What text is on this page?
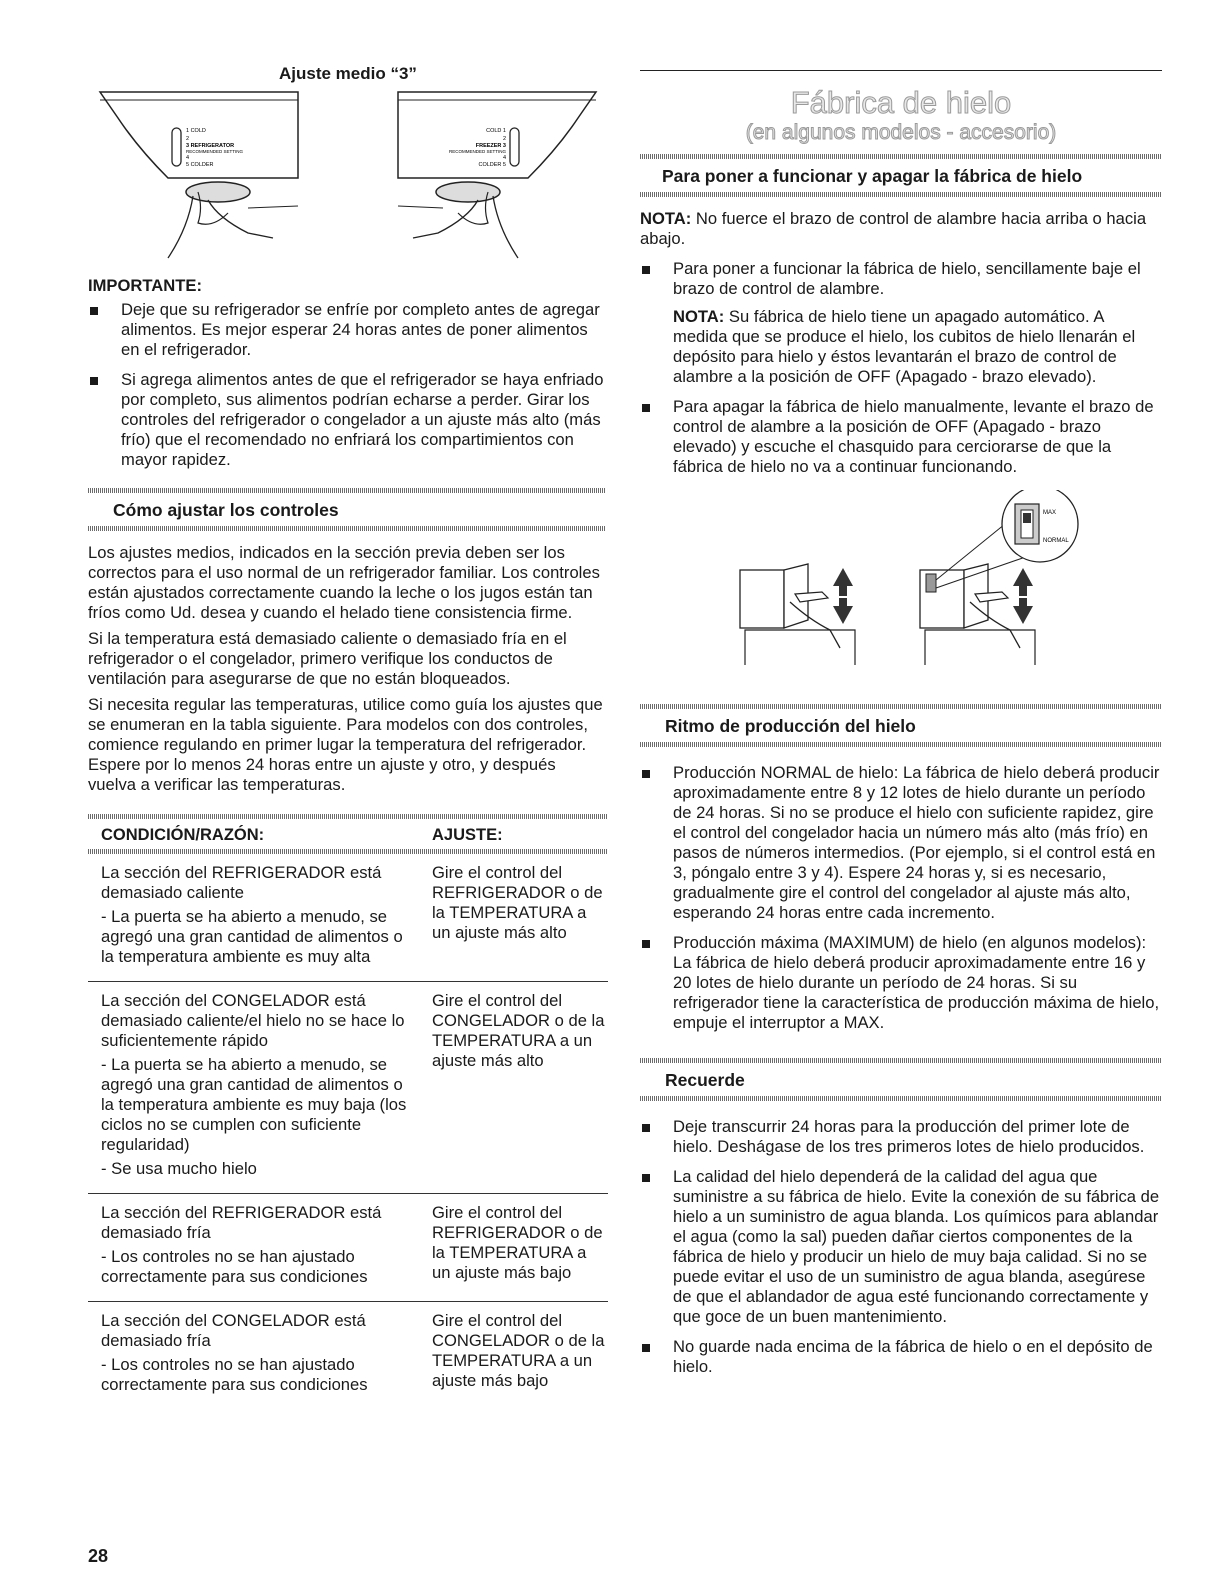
Ajuste medio “3”
1 COLD
2
3 REFRIGERATOR
RECOMMENDED SETTING
4
5 COLDER
COLD 1
2
FREEZER 3
RECOMMENDED SETTING
4
COLDER 5
IMPORTANTE:
Deje que su refrigerador se enfríe por completo antes de agregar alimentos. Es mejor esperar 24 horas antes de poner alimentos en el refrigerador.
Si agrega alimentos antes de que el refrigerador se haya enfriado por completo, sus alimentos podrían echarse a perder. Girar los controles del refrigerador o congelador a un ajuste más alto (más frío) que el recomendado no enfriará los compartimientos con mayor rapidez.
Cómo ajustar los controles

Los ajustes medios, indicados en la sección previa deben ser los correctos para el uso normal de un refrigerador familiar. Los controles están ajustados correctamente cuando la leche o los jugos están tan fríos como Ud. desea y cuando el helado tiene consistencia firme.

Si la temperatura está demasiado caliente o demasiado fría en el refrigerador o el congelador, primero verifique los conductos de ventilación para asegurarse de que no están bloqueados.

Si necesita regular las temperaturas, utilice como guía los ajustes que se enumeran en la tabla siguiente. Para modelos con dos controles, comience regulando en primer lugar la temperatura del refrigerador. Espere por lo menos 24 horas entre un ajuste y otro, y después vuelva a verificar las temperaturas.

CONDICIÓN/RAZÓN:	AJUSTE:

La sección del REFRIGERADOR está demasiado caliente

- La puerta se ha abierto a menudo, se agregó una gran cantidad de alimentos o la temperatura ambiente es muy alta

Gire el control del REFRIGERADOR o de la TEMPERATURA a un ajuste más alto

La sección del CONGELADOR está demasiado caliente/el hielo no se hace lo suficientemente rápido

- La puerta se ha abierto a menudo, se agregó una gran cantidad de alimentos o la temperatura ambiente es muy baja (los ciclos no se cumplen con suficiente regularidad)

- Se usa mucho hielo

Gire el control del CONGELADOR o de la TEMPERATURA a un ajuste más alto

La sección del REFRIGERADOR está demasiado fría

- Los controles no se han ajustado correctamente para sus condiciones

Gire el control del REFRIGERADOR o de la TEMPERATURA a un ajuste más bajo

La sección del CONGELADOR está demasiado fría

- Los controles no se han ajustado correctamente para sus condiciones

Gire el control del CONGELADOR o de la TEMPERATURA a un ajuste más bajo
Fábrica de hielo
(en algunos modelos - accesorio)
Para poner a funcionar y apagar la fábrica de hielo

NOTA: No fuerce el brazo de control de alambre hacia arriba o hacia abajo.

Para poner a funcionar la fábrica de hielo, sencillamente baje el brazo de control de alambre.

NOTA: Su fábrica de hielo tiene un apagado automático. A medida que se produce el hielo, los cubitos de hielo llenarán el depósito para hielo y éstos levantarán el brazo de control de alambre a la posición de OFF (Apagado - brazo elevado).

Para apagar la fábrica de hielo manualmente, levante el brazo de control de alambre a la posición de OFF (Apagado - brazo elevado) y escuche el chasquido para cerciorarse de que la fábrica de hielo no va a continuar funcionando.
MAX
NORMAL
Ritmo de producción del hielo
Producción NORMAL de hielo: La fábrica de hielo deberá producir aproximadamente entre 8 y 12 lotes de hielo durante un período de 24 horas. Si no se produce el hielo con suficiente rapidez, gire el control del congelador hacia un número más alto (más frío) en pasos de números intermedios. (Por ejemplo, si el control está en 3, póngalo entre 3 y 4). Espere 24 horas y, si es necesario, gradualmente gire el control del congelador al ajuste más alto, esperando 24 horas entre cada incremento.
Producción máxima (MAXIMUM) de hielo (en algunos modelos): La fábrica de hielo deberá producir aproximadamente entre 16 y 20 lotes de hielo durante un período de 24 horas. Si su refrigerador tiene la característica de producción máxima de hielo, empuje el interruptor a MAX.
Recuerde
Deje transcurrir 24 horas para la producción del primer lote de hielo. Deshágase de los tres primeros lotes de hielo producidos.
La calidad del hielo dependerá de la calidad del agua que suministre a su fábrica de hielo. Evite la conexión de su fábrica de hielo a un suministro de agua blanda. Los químicos para ablandar el agua (como la sal) pueden dañar ciertos componentes de la fábrica de hielo y producir un hielo de muy baja calidad. Si no se puede evitar el uso de un suministro de agua blanda, asegúrese de que el ablandador de agua esté funcionando correctamente y que goce de un buen mantenimiento.
No guarde nada encima de la fábrica de hielo o en el depósito de hielo.
28
